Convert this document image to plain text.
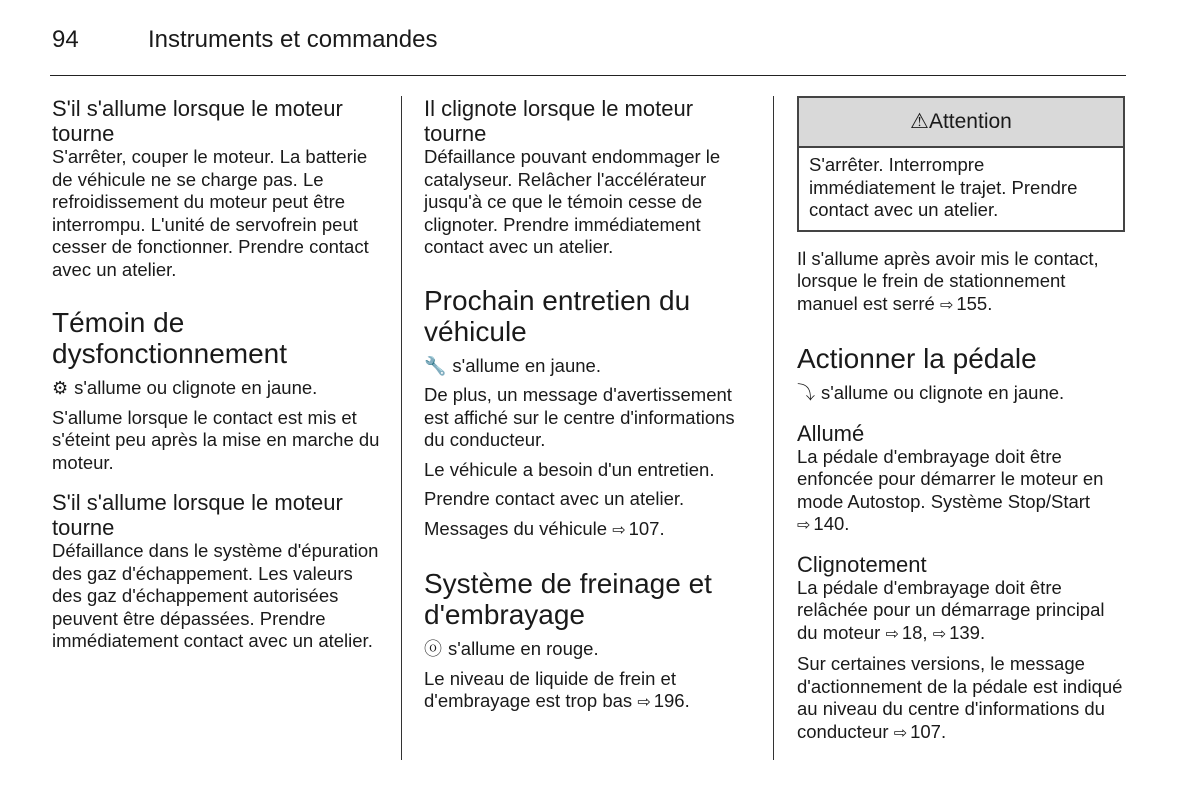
94	Instruments et commandes
S'il s'allume lorsque le moteur tourne

S'arrêter, couper le moteur. La batterie de véhicule ne se charge pas. Le refroidissement du moteur peut être interrompu. L'unité de servofrein peut cesser de fonctionner. Prendre contact avec un atelier.

Témoin de dysfonctionnement

⚙ s'allume ou clignote en jaune.

S'allume lorsque le contact est mis et s'éteint peu après la mise en marche du moteur.

S'il s'allume lorsque le moteur tourne

Défaillance dans le système d'épuration des gaz d'échappement. Les valeurs des gaz d'échappement autorisées peuvent être dépassées. Prendre immédiatement contact avec un atelier.

Il clignote lorsque le moteur tourne

Défaillance pouvant endommager le catalyseur. Relâcher l'accélérateur jusqu'à ce que le témoin cesse de clignoter. Prendre immédiatement contact avec un atelier.

Prochain entretien du véhicule

🔧 s'allume en jaune.

De plus, un message d'avertissement est affiché sur le centre d'informations du conducteur.

Le véhicule a besoin d'un entretien.

Prendre contact avec un atelier.

Messages du véhicule ⇨ 107.

Système de freinage et d'embrayage

ⓞ s'allume en rouge.

Le niveau de liquide de frein et d'embrayage est trop bas ⇨ 196.

⚠ Attention
S'arrêter. Interrompre immédiatement le trajet. Prendre contact avec un atelier.

Il s'allume après avoir mis le contact, lorsque le frein de stationnement manuel est serré ⇨ 155.

Actionner la pédale

⤵ s'allume ou clignote en jaune.

Allumé

La pédale d'embrayage doit être enfoncée pour démarrer le moteur en mode Autostop. Système Stop/Start ⇨ 140.

Clignotement

La pédale d'embrayage doit être relâchée pour un démarrage principal du moteur ⇨ 18, ⇨ 139.

Sur certaines versions, le message d'actionnement de la pédale est indiqué au niveau du centre d'informations du conducteur ⇨ 107.
